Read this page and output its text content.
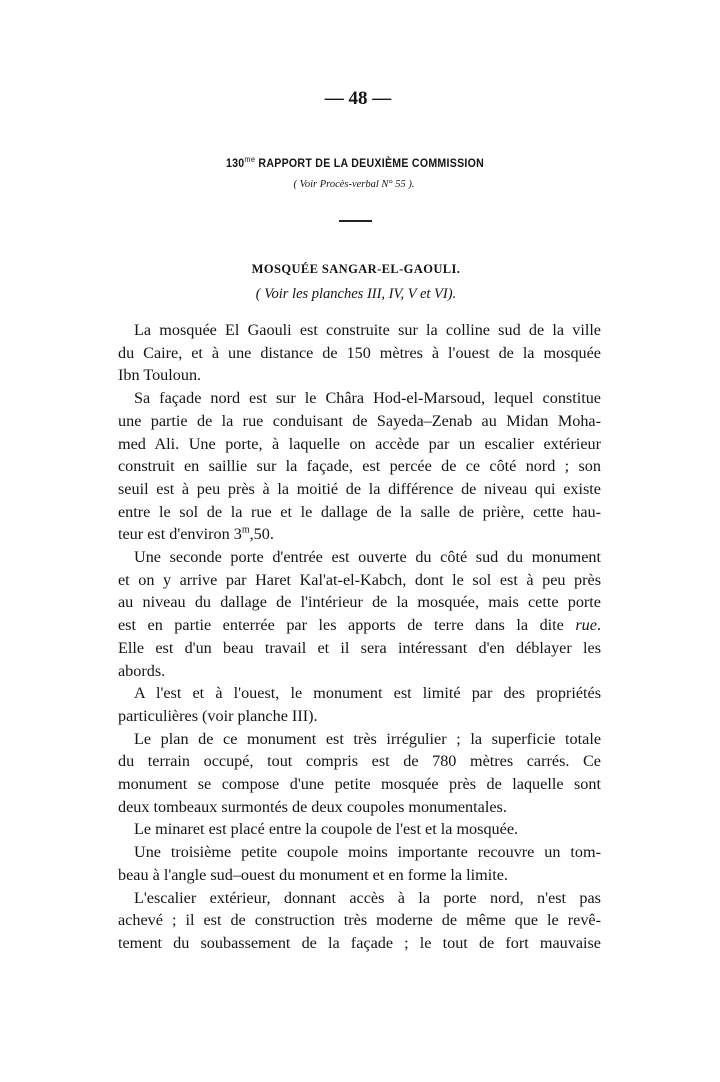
— 48 —
$130^{me}$ RAPPORT DE LA DEUXIÈME COMMISSION
( Voir Procès-verbal N° 55 ).
MOSQUÉE SANGAR-EL-GAOULI.
( Voir les planches III, IV, V et VI).
La mosquée El Gaouli est construite sur la colline sud de la ville
du Caire, et à une distance de 150 mètres à l'ouest de la mosquée
Ibn Touloun.
Sa façade nord est sur le Châra Hod-el-Marsoud, lequel constitue
une partie de la rue conduisant de Sayeda–Zenab au Midan Moha-
med Ali. Une porte, à laquelle on accède par un escalier extérieur
construit en saillie sur la façade, est percée de ce côté nord ; son
seuil est à peu près à la moitié de la différence de niveau qui existe
entre le sol de la rue et le dallage de la salle de prière, cette hau-
teur est d'environ 3$^m$,50.
Une seconde porte d'entrée est ouverte du côté sud du monument
et on y arrive par Haret Kal'at-el-Kabch, dont le sol est à peu près
au niveau du dallage de l'intérieur de la mosquée, mais cette porte
est en partie enterrée par les apports de terre dans la dite rue.
Elle est d'un beau travail et il sera intéressant d'en déblayer les
abords.
A l'est et à l'ouest, le monument est limité par des propriétés
particulières (voir planche III).
Le plan de ce monument est très irrégulier ; la superficie totale
du terrain occupé, tout compris est de 780 mètres carrés. Ce
monument se compose d'une petite mosquée près de laquelle sont
deux tombeaux surmontés de deux coupoles monumentales.
Le minaret est placé entre la coupole de l'est et la mosquée.
Une troisième petite coupole moins importante recouvre un tom-
beau à l'angle sud–ouest du monument et en forme la limite.
L'escalier extérieur, donnant accès à la porte nord, n'est pas
achevé ; il est de construction très moderne de même que le revê-
tement du soubassement de la façade ; le tout de fort mauvaise
